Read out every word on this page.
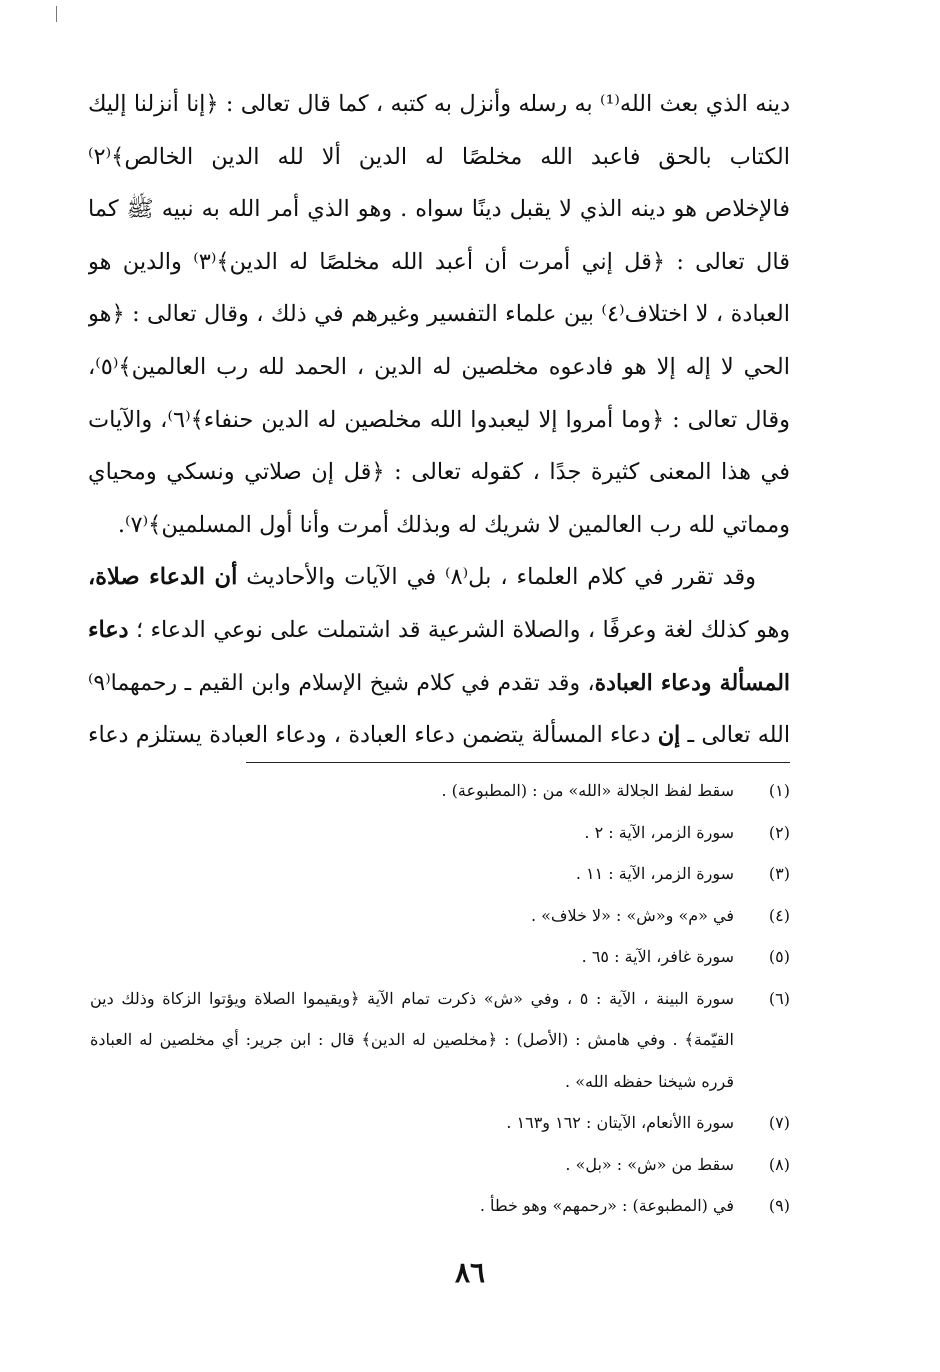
دينه الذي بعث الله⁽¹⁾ به رسله وأنزل به كتبه ، كما قال تعالى : ﴿إنا أنزلنا إليك
الكتاب بالحق فاعبد الله مخلصًا له الدين ألا لله الدين الخالص﴾⁽٢⁾
فالإخلاص هو دينه الذي لا يقبل دينًا سواه . وهو الذي أمر الله به نبيه ﷺ كما
قال تعالى : ﴿قل إني أمرت أن أعبد الله مخلصًا له الدين﴾⁽٣⁾ والدين هو
العبادة ، لا اختلاف⁽٤⁾ بين علماء التفسير وغيرهم في ذلك ، وقال تعالى : ﴿هو
الحي لا إله إلا هو فادعوه مخلصين له الدين ، الحمد لله رب العالمين﴾⁽٥⁾،
وقال تعالى : ﴿وما أمروا إلا ليعبدوا الله مخلصين له الدين حنفاء﴾⁽٦⁾، والآيات
في هذا المعنى كثيرة جدًا ، كقوله تعالى : ﴿قل إن صلاتي ونسكي ومحياي
ومماتي لله رب العالمين لا شريك له وبذلك أمرت وأنا أول المسلمين﴾⁽٧⁾.
وقد تقرر في كلام العلماء ، بل⁽٨⁾ في الآيات والأحاديث أن الدعاء صلاة،
وهو كذلك لغة وعرفًا ، والصلاة الشرعية قد اشتملت على نوعي الدعاء ؛ دعاء
المسألة ودعاء العبادة، وقد تقدم في كلام شيخ الإسلام وابن القيم ـ رحمهما⁽٩⁾
الله تعالى ـ إن دعاء المسألة يتضمن دعاء العبادة ، ودعاء العبادة يستلزم دعاء
(١)
سقط لفظ الجلالة «الله» من : (المطبوعة) .
(٢)
سورة الزمر، الآية : ٢ .
(٣)
سورة الزمر، الآية : ١١ .
(٤)
في «م» و«ش» : «لا خلاف» .
(٥)
سورة غافر، الآية : ٦٥ .
(٦)
سورة البينة ، الآية : ٥ ، وفي «ش» ذكرت تمام الآية ﴿ويقيموا الصلاة ويؤتوا الزكاة وذلك دين القيّمة﴾ . وفي هامش : (الأصل) : ﴿مخلصين له الدين﴾ قال : ابن جرير: أي مخلصين له العبادة قرره شيخنا حفظه الله» .
(٧)
سورة االأنعام، الآيتان : ١٦٢ و١٦٣ .
(٨)
سقط من «ش» : «بل» .
(٩)
في (المطبوعة) : «رحمهم» وهو خطأ .
٨٦
